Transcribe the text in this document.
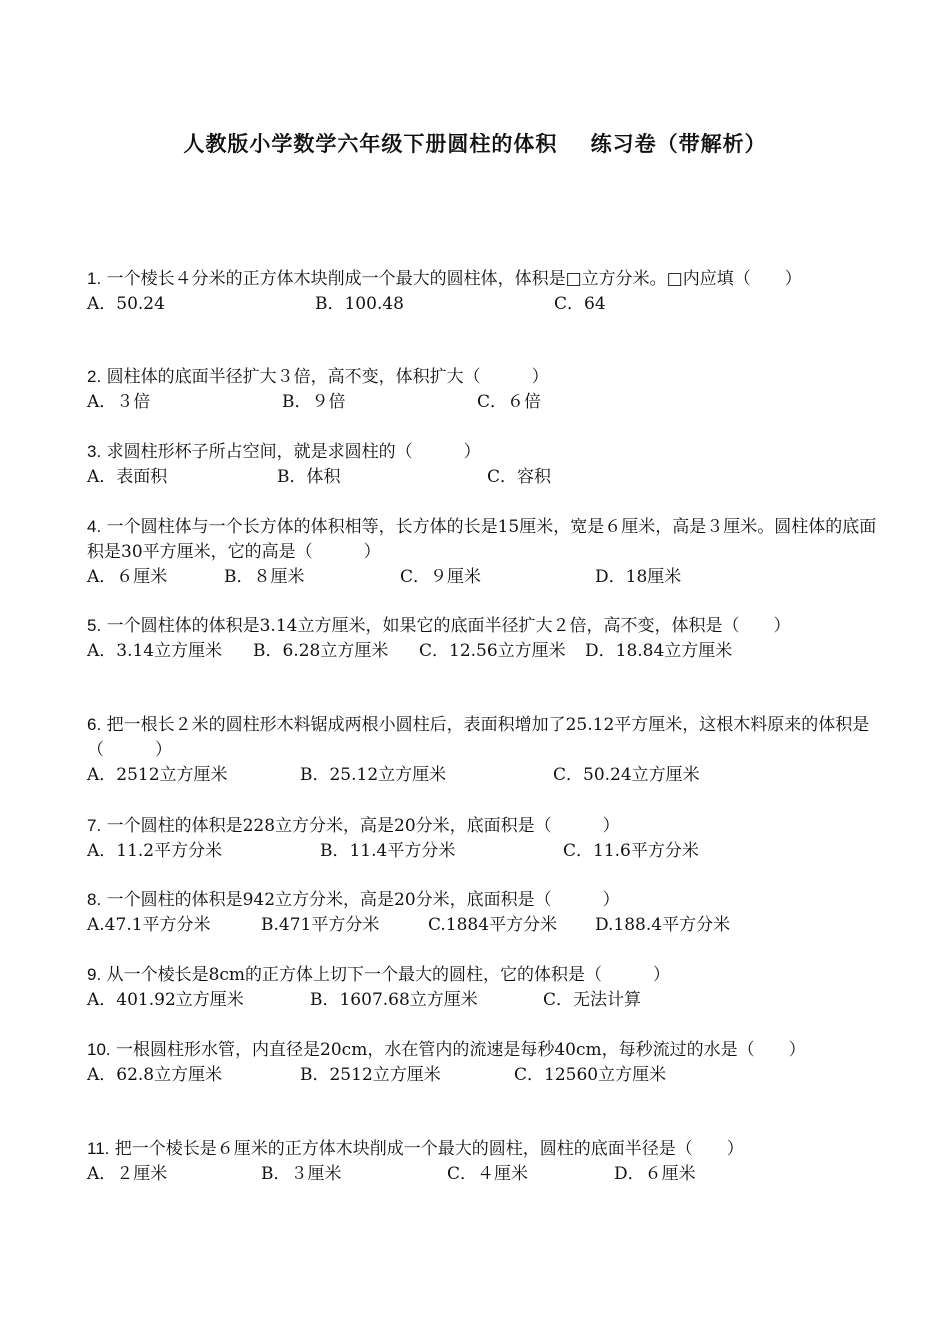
人教版小学数学六年级下册圆柱的体积    练习卷（带解析）
1. 一个棱长４分米的正方体木块削成一个最大的圆柱体，体积是□立方分米。□内应填（　　）
A．50.24	B．100.48	C．64
2. 圆柱体的底面半径扩大３倍，高不变，体积扩大（　　　）
A．３倍	B．９倍	C．６倍
3. 求圆柱形杯子所占空间，就是求圆柱的（　　　）
A．表面积	B．体积	C．容积
4. 一个圆柱体与一个长方体的体积相等，长方体的长是15厘米，宽是６厘米，高是３厘米。圆柱体的底面积是30平方厘米，它的高是（　　　）
A．６厘米	B．８厘米	C．９厘米	D．18厘米
5. 一个圆柱体的体积是3.14立方厘米，如果它的底面半径扩大２倍，高不变，体积是（　　）
A．3.14立方厘米 B．6.28立方厘米 C．12.56立方厘米 D．18.84立方厘米
6. 把一根长２米的圆柱形木料锯成两根小圆柱后，表面积增加了25.12平方厘米，这根木料原来的体积是（　　　）
A．2512立方厘米	B．25.12立方厘米	C．50.24立方厘米
7. 一个圆柱的体积是228立方分米，高是20分米，底面积是（　　　）
A．11.2平方分米	B．11.4平方分米	C．11.6平方分米
8. 一个圆柱的体积是942立方分米，高是20分米，底面积是（　　　）
A.47.1平方分米	B.471平方分米	C.1884平方分米 D.188.4平方分米
9. 从一个棱长是8cm的正方体上切下一个最大的圆柱，它的体积是（　　　）
A．401.92立方厘米	B．1607.68立方厘米	C．无法计算
10. 一根圆柱形水管，内直径是20cm，水在管内的流速是每秒40cm，每秒流过的水是（　　）
A．62.8立方厘米	B．2512立方厘米	C．12560立方厘米
11. 把一个棱长是６厘米的正方体木块削成一个最大的圆柱，圆柱的底面半径是（　　）
A．２厘米	B．３厘米	C．４厘米	D．６厘米
